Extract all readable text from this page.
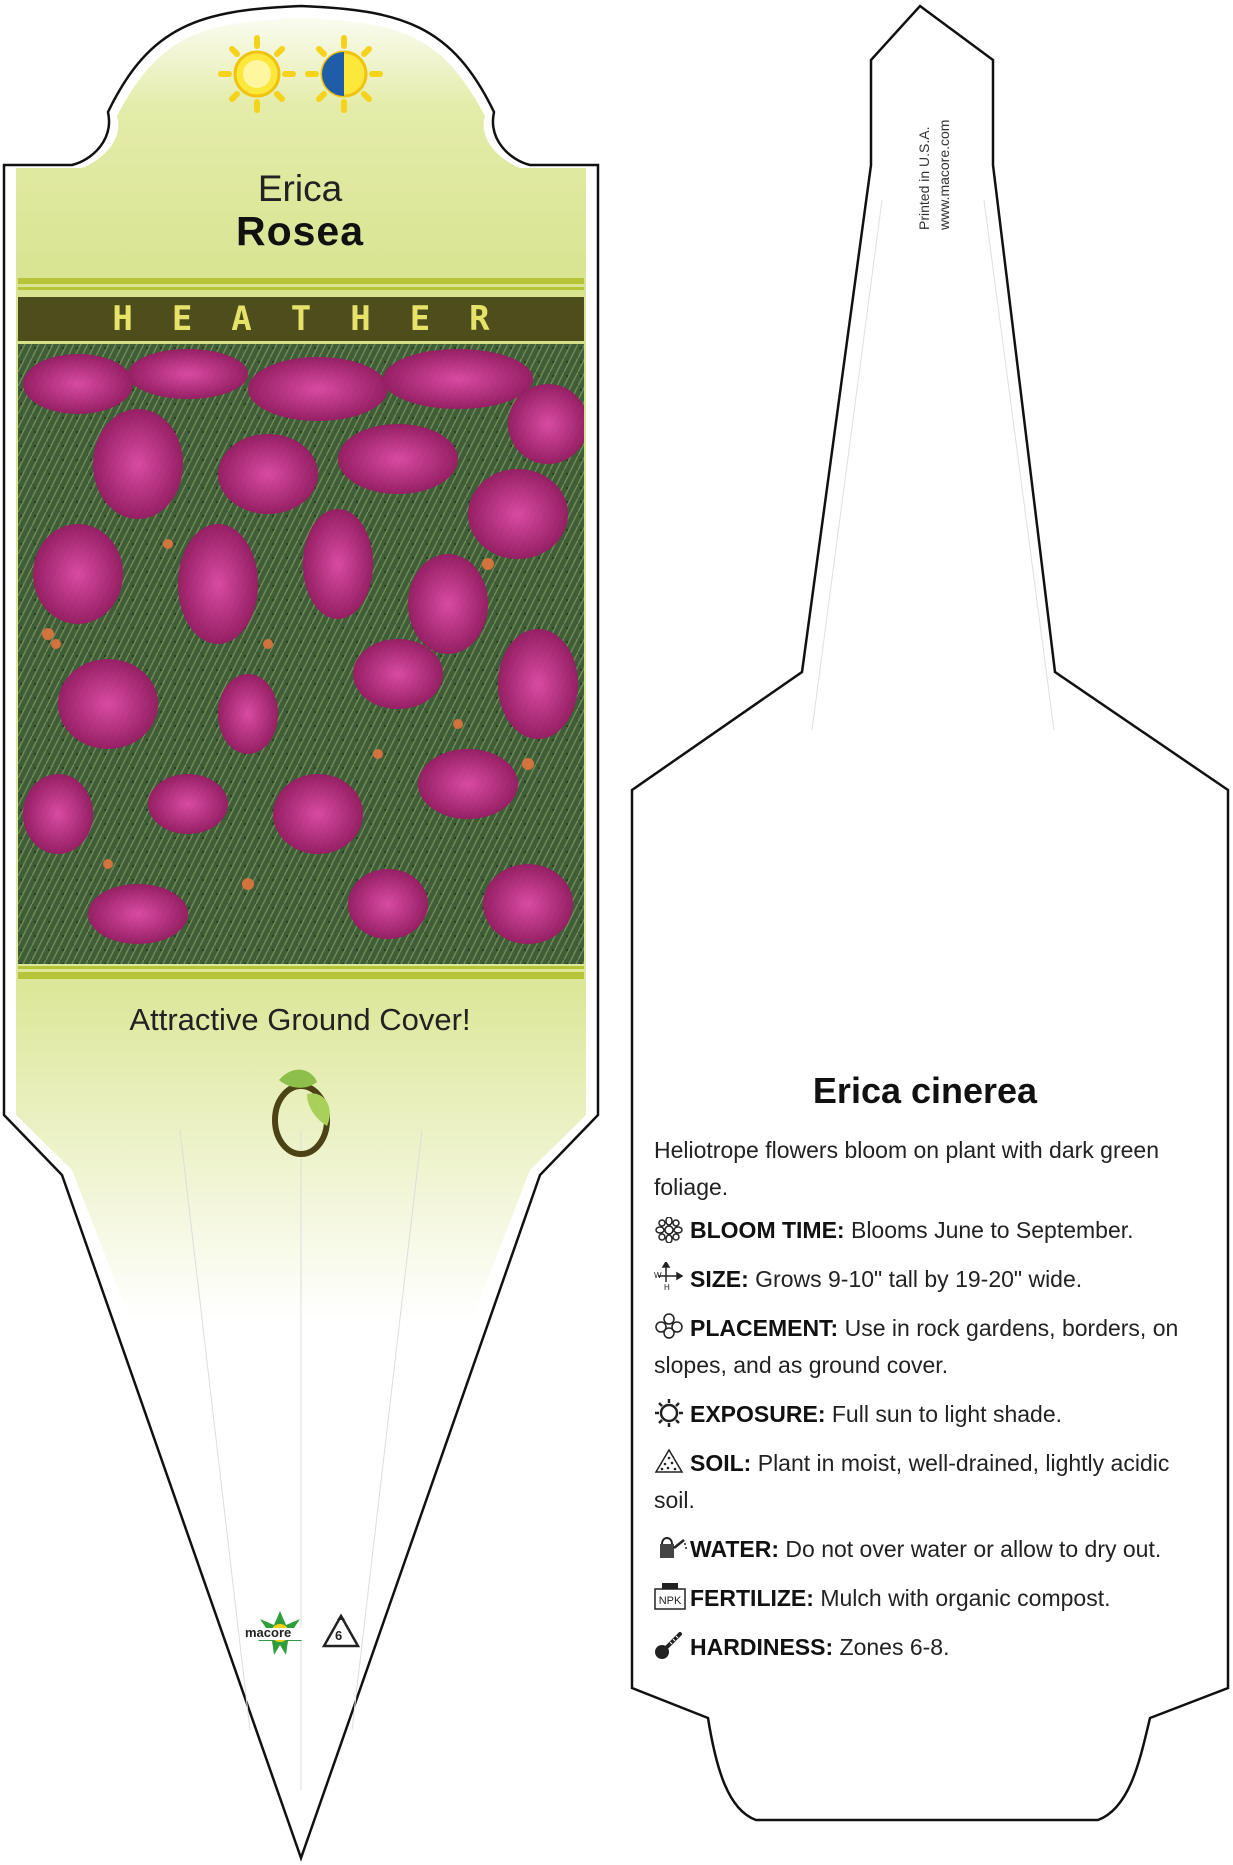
Erica
Rosea
HEATHER
Attractive Ground Cover!
macore	6
Printed in U.S.A. www.macore.com
Erica cinerea
Heliotrope flowers bloom on plant with dark green foliage.
BLOOM TIME: Blooms June to September.
W
H SIZE: Grows 9-10" tall by 19-20" wide.
PLACEMENT: Use in rock gardens, borders, on slopes, and as ground cover.
EXPOSURE: Full sun to light shade.
SOIL: Plant in moist, well-drained, lightly acidic soil.
WATER: Do not over water or allow to dry out.
NPK FERTILIZE: Mulch with organic compost.
HARDINESS: Zones 6-8.
